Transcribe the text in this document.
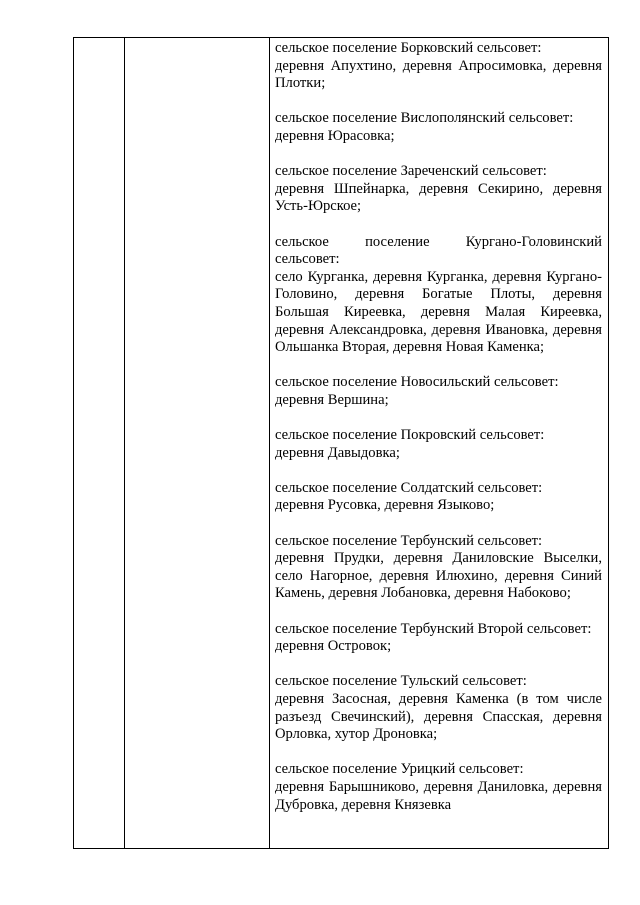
сельское поселение Борковский сельсовет:

деревня Апухтино, деревня Апросимовка, деревня Плотки;

сельское поселение Вислополянский сельсовет:

деревня Юрасовка;

сельское поселение Зареченский сельсовет:

деревня Шпейнарка, деревня Секирино, деревня Усть-Юрское;

сельское поселение Кургано-Головинский сельсовет:

село Курганка, деревня Курганка, деревня Кургано-Головино, деревня Богатые Плоты, деревня Большая Киреевка, деревня Малая Киреевка, деревня Александровка, деревня Ивановка, деревня Ольшанка Вторая, деревня Новая Каменка;

сельское поселение Новосильский сельсовет:

деревня Вершина;

сельское поселение Покровский сельсовет:

деревня Давыдовка;

сельское поселение Солдатский сельсовет:

деревня Русовка, деревня Языково;

сельское поселение Тербунский сельсовет:

деревня Прудки, деревня Даниловские Выселки, село Нагорное, деревня Илюхино, деревня Синий Камень, деревня Лобановка, деревня Набоково;

сельское поселение Тербунский Второй сельсовет:

деревня Островок;

сельское поселение Тульский сельсовет:

деревня Засосная, деревня Каменка (в том числе разъезд Свечинский), деревня Спасская, деревня Орловка, хутор Дроновка;

сельское поселение Урицкий сельсовет:

деревня Барышниково, деревня Даниловка, деревня Дубровка, деревня Князевка
